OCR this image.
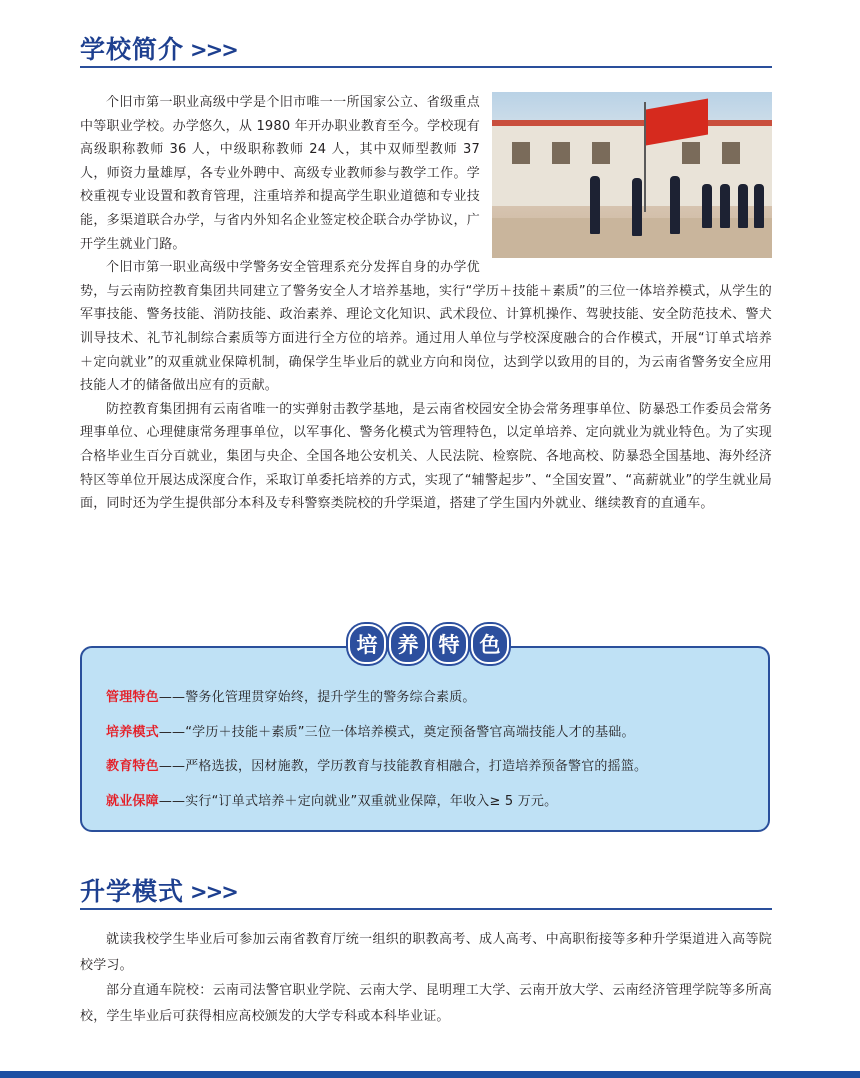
学校简介 >>>

个旧市第一职业高级中学是个旧市唯一一所国家公立、省级重点中等职业学校。办学悠久，从 1980 年开办职业教育至今。学校现有高级职称教师 36 人，中级职称教师 24 人，其中双师型教师 37 人，师资力量雄厚，各专业外聘中、高级专业教师参与教学工作。学校重视专业设置和教育管理，注重培养和提高学生职业道德和专业技能，多渠道联合办学，与省内外知名企业签定校企联合办学协议，广开学生就业门路。

个旧市第一职业高级中学警务安全管理系充分发挥自身的办学优势，与云南防控教育集团共同建立了警务安全人才培养基地，实行“学历＋技能＋素质”的三位一体培养模式，从学生的军事技能、警务技能、消防技能、政治素养、理论文化知识、武术段位、计算机操作、驾驶技能、安全防范技术、警犬训导技术、礼节礼制综合素质等方面进行全方位的培养。通过用人单位与学校深度融合的合作模式，开展“订单式培养＋定向就业”的双重就业保障机制，确保学生毕业后的就业方向和岗位，达到学以致用的目的，为云南省警务安全应用技能人才的储备做出应有的贡献。

防控教育集团拥有云南省唯一的实弹射击教学基地，是云南省校园安全协会常务理事单位、防暴恐工作委员会常务理事单位、心理健康常务理事单位，以军事化、警务化模式为管理特色，以定单培养、定向就业为就业特色。为了实现合格毕业生百分百就业，集团与央企、全国各地公安机关、人民法院、检察院、各地高校、防暴恐全国基地、海外经济特区等单位开展达成深度合作，采取订单委托培养的方式，实现了“辅警起步”、“全国安置”、“高薪就业”的学生就业局面，同时还为学生提供部分本科及专科警察类院校的升学渠道，搭建了学生国内外就业、继续教育的直通车。

培 养 特 色
管理特色——警务化管理贯穿始终，提升学生的警务综合素质。
培养模式——“学历＋技能＋素质”三位一体培养模式，奠定预备警官高端技能人才的基础。
教育特色——严格选拔，因材施教，学历教育与技能教育相融合，打造培养预备警官的摇篮。
就业保障——实行“订单式培养＋定向就业”双重就业保障，年收入≥ 5 万元。
升学模式 >>>

就读我校学生毕业后可参加云南省教育厅统一组织的职教高考、成人高考、中高职衔接等多种升学渠道进入高等院校学习。

部分直通车院校：云南司法警官职业学院、云南大学、昆明理工大学、云南开放大学、云南经济管理学院等多所高校，学生毕业后可获得相应高校颁发的大学专科或本科毕业证。
